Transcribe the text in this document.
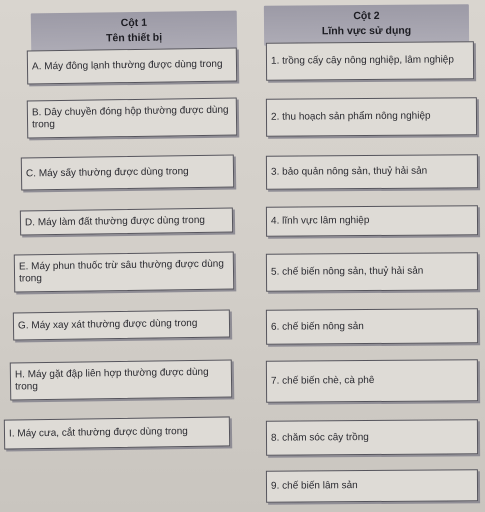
Cột 1
Tên thiết bị
Cột 2
Lĩnh vực sử dụng
A. Máy đông lạnh thường được dùng trong
B. Dây chuyền đóng hộp thường được dùng trong
C. Máy sấy thường được dùng trong
D. Máy làm đất thường được dùng trong
E. Máy phun thuốc trừ sâu thường được dùng trong
G. Máy xay xát thường được dùng trong
H. Máy gặt đập liên hợp thường được dùng trong
I. Máy cưa, cắt thường được dùng trong
1. trồng cấy cây nông nghiệp, lâm nghiệp
2. thu hoạch sản phẩm nông nghiệp
3. bảo quản nông sản, thuỷ hải sản
4. lĩnh vực lâm nghiệp
5. chế biến nông sản, thuỷ hải sản
6. chế biến nông sản
7. chế biến chè, cà phê
8. chăm sóc cây trồng
9. chế biến lâm sản
